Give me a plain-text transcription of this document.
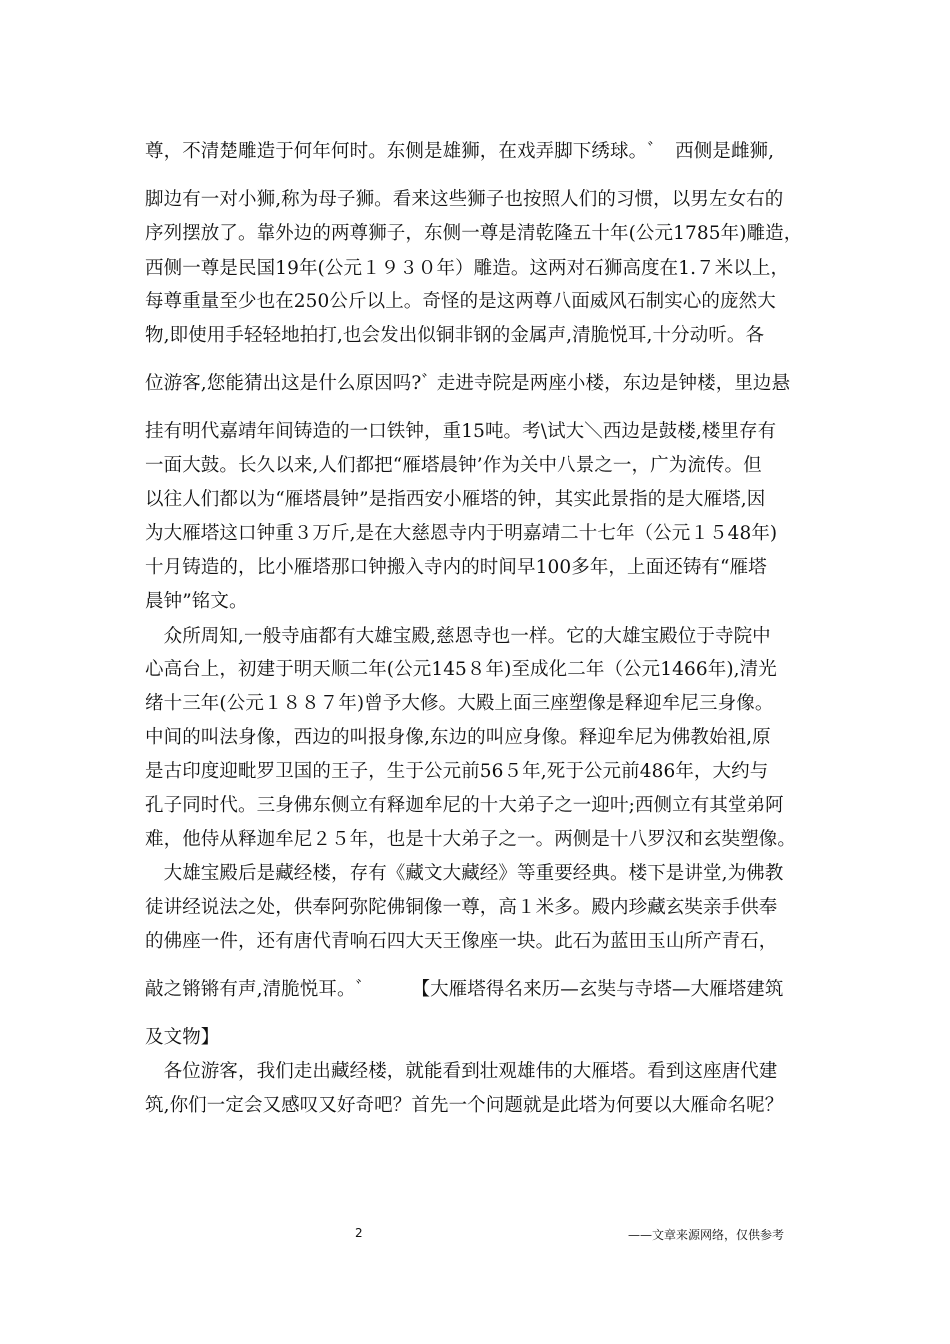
尊，不清楚雕造于何年何时。东侧是雄狮，在戏弄脚下绣球。ﾞ　西侧是雌狮,
脚边有一对小狮,称为母子狮。看来这些狮子也按照人们的习惯，以男左女右的
序列摆放了。靠外边的两尊狮子，东侧一尊是清乾隆五十年(公元1785年)雕造，
西侧一尊是民国19年(公元１９３０年）雕造。这两对石狮高度在1.７米以上，
每尊重量至少也在250公斤以上。奇怪的是这两尊八面威风石制实心的庞然大
物,即使用手轻轻地拍打,也会发出似铜非钢的金属声,清脆悦耳,十分动听。各
位游客,您能猜出这是什么原因吗?ﾞ 走进寺院是两座小楼，东边是钟楼，里边悬
挂有明代嘉靖年间铸造的一口铁钟，重15吨。考\试大＼西边是鼓楼,楼里存有
一面大鼓。长久以来,人们都把“雁塔晨钟’作为关中八景之一，广为流传。但
以往人们都以为“雁塔晨钟”是指西安小雁塔的钟，其实此景指的是大雁塔,因
为大雁塔这口钟重３万斤,是在大慈恩寺内于明嘉靖二十七年（公元１５48年)
十月铸造的，比小雁塔那口钟搬入寺内的时间早100多年，上面还铸有“雁塔
晨钟”铭文。
　众所周知,一般寺庙都有大雄宝殿,慈恩寺也一样。它的大雄宝殿位于寺院中
心高台上，初建于明天顺二年(公元145８年)至成化二年（公元1466年),清光
绪十三年(公元１８８７年)曾予大修。大殿上面三座塑像是释迎牟尼三身像。
中间的叫法身像，西边的叫报身像,东边的叫应身像。释迎牟尼为佛教始祖,原
是古印度迎毗罗卫国的王子，生于公元前56５年,死于公元前486年，大约与
孔子同时代。三身佛东侧立有释迦牟尼的十大弟子之一迎叶;西侧立有其堂弟阿
难，他侍从释迦牟尼２５年，也是十大弟子之一。两侧是十八罗汉和玄奘塑像。
　大雄宝殿后是藏经楼，存有《藏文大藏经》等重要经典。楼下是讲堂,为佛教
徒讲经说法之处，供奉阿弥陀佛铜像一尊，高１米多。殿内珍藏玄奘亲手供奉
的佛座一件，还有唐代青响石四大天王像座一块。此石为蓝田玉山所产青石，
敲之锵锵有声,清脆悦耳。ﾞ　　　【大雁塔得名来历—玄奘与寺塔—大雁塔建筑
及文物】
　各位游客，我们走出藏经楼，就能看到壮观雄伟的大雁塔。看到这座唐代建
筑,你们一定会又感叹又好奇吧？首先一个问题就是此塔为何要以大雁命名呢？
2	——文章来源网络，仅供参考
